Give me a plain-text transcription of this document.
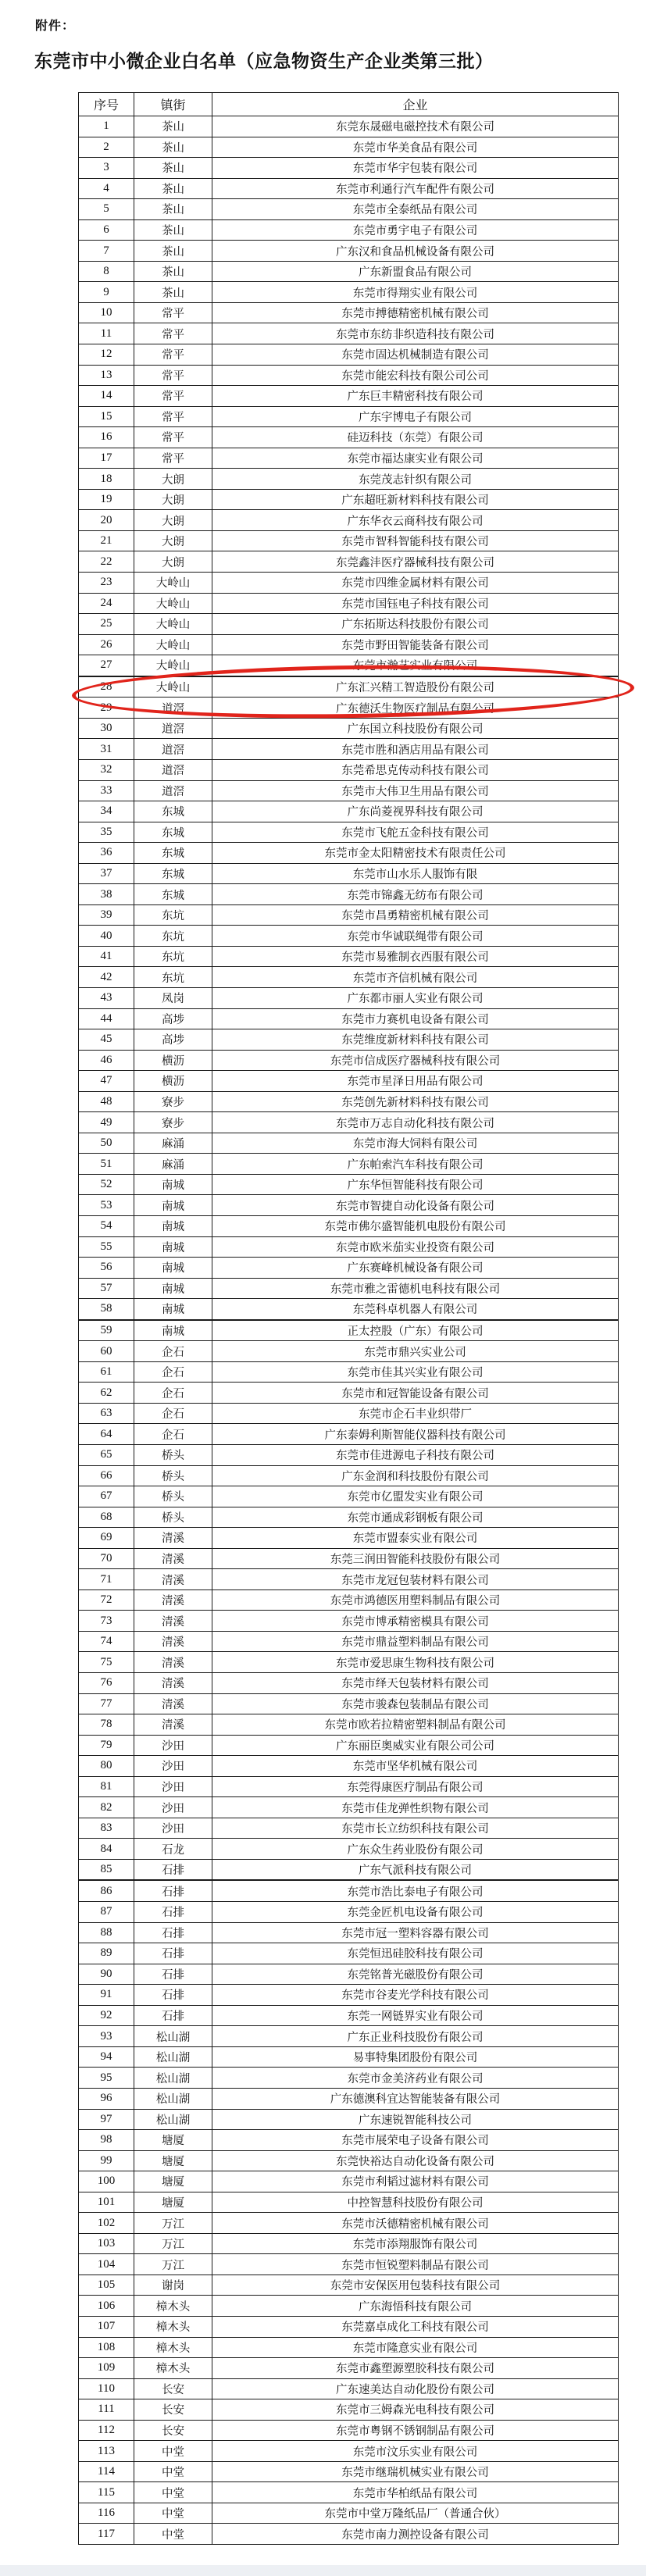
附件：
东莞市中小微企业白名单（应急物资生产企业类第三批）
序号	镇街	企业
1	茶山	东莞东晟磁电磁控技术有限公司
2	茶山	东莞市华美食品有限公司
3	茶山	东莞市华宇包装有限公司
4	茶山	东莞市利通行汽车配件有限公司
5	茶山	东莞市全泰纸品有限公司
6	茶山	东莞市勇宇电子有限公司
7	茶山	广东汉和食品机械设备有限公司
8	茶山	广东新盟食品有限公司
9	茶山	东莞市得翔实业有限公司
10	常平	东莞市搏德精密机械有限公司
11	常平	东莞市东纺非织造科技有限公司
12	常平	东莞市固达机械制造有限公司
13	常平	东莞市能宏科技有限公司公司
14	常平	广东巨丰精密科技有限公司
15	常平	广东宇博电子有限公司
16	常平	硅迈科技（东莞）有限公司
17	常平	东莞市福达康实业有限公司
18	大朗	东莞茂志针织有限公司
19	大朗	广东超旺新材料科技有限公司
20	大朗	广东华衣云商科技有限公司
21	大朗	东莞市智科智能科技有限公司
22	大朗	东莞鑫沣医疗器械科技有限公司
23	大岭山	东莞市四维金属材料有限公司
24	大岭山	东莞市国钰电子科技有限公司
25	大岭山	广东拓斯达科技股份有限公司
26	大岭山	东莞市野田智能装备有限公司
27	大岭山	东莞市瀚艺实业有限公司
28	大岭山	广东汇兴精工智造股份有限公司
29	道滘	广东德沃生物医疗制品有限公司
30	道滘	广东国立科技股份有限公司
31	道滘	东莞市胜和酒店用品有限公司
32	道滘	东莞希思克传动科技有限公司
33	道滘	东莞市大伟卫生用品有限公司
34	东城	广东尚菱视界科技有限公司
35	东城	东莞市飞舵五金科技有限公司
36	东城	东莞市金太阳精密技术有限责任公司
37	东城	东莞市山水乐人服饰有限
38	东城	东莞市锦鑫无纺布有限公司
39	东坑	东莞市昌勇精密机械有限公司
40	东坑	东莞市华诚联绳带有限公司
41	东坑	东莞市易雅制衣西服有限公司
42	东坑	东莞市齐信机械有限公司
43	凤岗	广东都市丽人实业有限公司
44	高埗	东莞市力赛机电设备有限公司
45	高埗	东莞维度新材料科技有限公司
46	横沥	东莞市信成医疗器械科技有限公司
47	横沥	东莞市星泽日用品有限公司
48	寮步	东莞创先新材料科技有限公司
49	寮步	东莞市万志自动化科技有限公司
50	麻涌	东莞市海大饲料有限公司
51	麻涌	广东帕索汽车科技有限公司
52	南城	广东华恒智能科技有限公司
53	南城	东莞市智捷自动化设备有限公司
54	南城	东莞市佛尔盛智能机电股份有限公司
55	南城	东莞市欧米茄实业投资有限公司
56	南城	广东赛峰机械设备有限公司
57	南城	东莞市雅之雷德机电科技有限公司
58	南城	东莞科卓机器人有限公司
59	南城	正太控股（广东）有限公司
60	企石	东莞市鼎兴实业公司
61	企石	东莞市佳其兴实业有限公司
62	企石	东莞市和冠智能设备有限公司
63	企石	东莞市企石丰业织带厂
64	企石	广东泰姆利斯智能仪器科技有限公司
65	桥头	东莞市佳进源电子科技有限公司
66	桥头	广东金润和科技股份有限公司
67	桥头	东莞市亿盟发实业有限公司
68	桥头	东莞市通成彩钢板有限公司
69	清溪	东莞市盟泰实业有限公司
70	清溪	东莞三润田智能科技股份有限公司
71	清溪	东莞市龙冠包装材料有限公司
72	清溪	东莞市鸿德医用塑料制品有限公司
73	清溪	东莞市博承精密模具有限公司
74	清溪	东莞市鼎益塑料制品有限公司
75	清溪	东莞市爱思康生物科技有限公司
76	清溪	东莞市绎天包装材料有限公司
77	清溪	东莞市骏森包装制品有限公司
78	清溪	东莞市欧若拉精密塑料制品有限公司
79	沙田	广东丽臣奥威实业有限公司公司
80	沙田	东莞市坚华机械有限公司
81	沙田	东莞得康医疗制品有限公司
82	沙田	东莞市佳龙弹性织物有限公司
83	沙田	东莞市长立纺织科技有限公司
84	石龙	广东众生药业股份有限公司
85	石排	广东气派科技有限公司
86	石排	东莞市浩比泰电子有限公司
87	石排	东莞金匠机电设备有限公司
88	石排	东莞市冠一塑料容器有限公司
89	石排	东莞恒迅硅胶科技有限公司
90	石排	东莞铭普光磁股份有限公司
91	石排	东莞市谷麦光学科技有限公司
92	石排	东莞一网链界实业有限公司
93	松山湖	广东正业科技股份有限公司
94	松山湖	易事特集团股份有限公司
95	松山湖	东莞市金美济药业有限公司
96	松山湖	广东德澳科宜达智能装备有限公司
97	松山湖	广东速锐智能科技公司
98	塘厦	东莞市展荣电子设备有限公司
99	塘厦	东莞快裕达自动化设备有限公司
100	塘厦	东莞市利韬过滤材料有限公司
101	塘厦	中控智慧科技股份有限公司
102	万江	东莞市沃德精密机械有限公司
103	万江	东莞市添翔服饰有限公司
104	万江	东莞市恒锐塑料制品有限公司
105	谢岗	东莞市安保医用包装科技有限公司
106	樟木头	广东海悟科技有限公司
107	樟木头	东莞嘉卓成化工科技有限公司
108	樟木头	东莞市隆意实业有限公司
109	樟木头	东莞市鑫塑源塑胶科技有限公司
110	长安	广东速美达自动化股份有限公司
111	长安	东莞市三姆森光电科技有限公司
112	长安	东莞市粤钢不锈钢制品有限公司
113	中堂	东莞市汶乐实业有限公司
114	中堂	东莞市继瑞机械实业有限公司
115	中堂	东莞市华柏纸品有限公司
116	中堂	东莞市中堂万隆纸品厂（普通合伙）
117	中堂	东莞市南力测控设备有限公司
